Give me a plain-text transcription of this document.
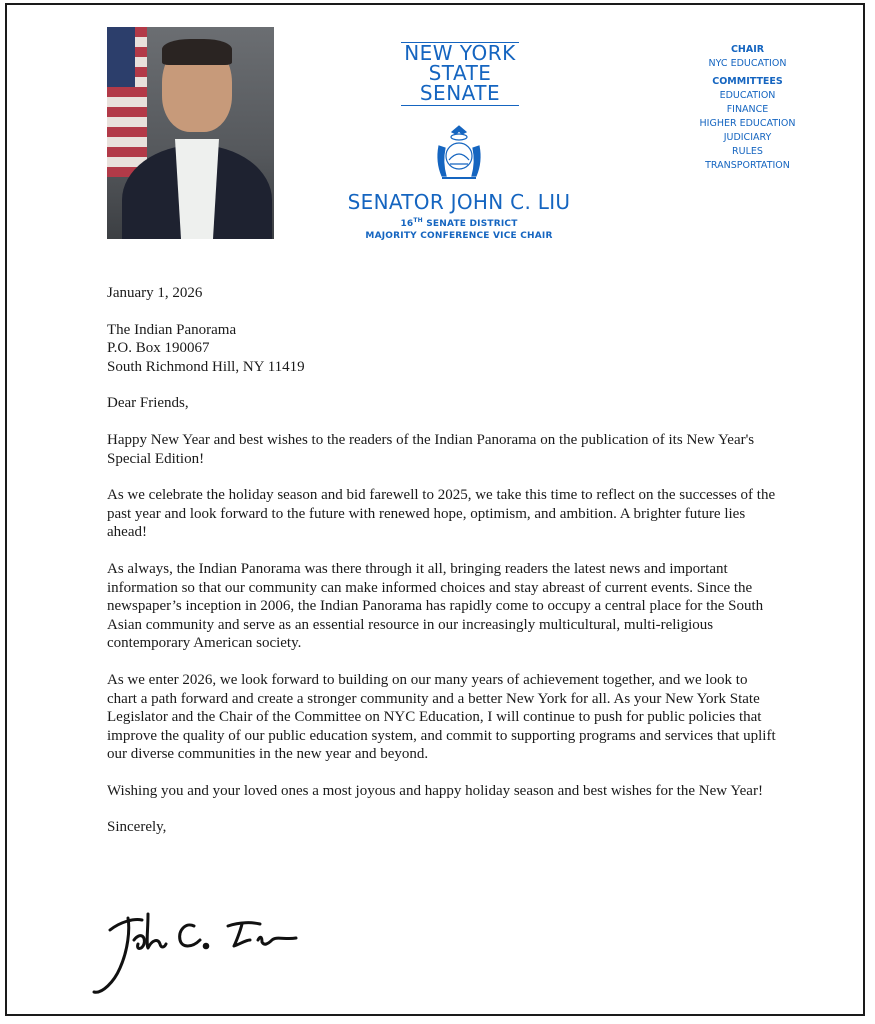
NEW YORK
STATE
SENATE
SENATOR JOHN C. LIU
16TH SENATE DISTRICT
MAJORITY CONFERENCE VICE CHAIR
CHAIR
NYC EDUCATION
COMMITTEES
EDUCATION
FINANCE
HIGHER EDUCATION
JUDICIARY
RULES
TRANSPORTATION

January 1, 2026

The Indian Panorama
P.O. Box 190067
South Richmond Hill, NY 11419

Dear Friends,

Happy New Year and best wishes to the readers of the Indian Panorama on the publication of its New Year's Special Edition!

As we celebrate the holiday season and bid farewell to 2025, we take this time to reflect on the successes of the past year and look forward to the future with renewed hope, optimism, and ambition. A brighter future lies ahead!

As always, the Indian Panorama was there through it all, bringing readers the latest news and important information so that our community can make informed choices and stay abreast of current events. Since the newspaper’s inception in 2006, the Indian Panorama has rapidly come to occupy a central place for the South Asian community and serve as an essential resource in our increasingly multicultural, multi-religious contemporary American society.

As we enter 2026, we look forward to building on our many years of achievement together, and we look to chart a path forward and create a stronger community and a better New York for all. As your New York State Legislator and the Chair of the Committee on NYC Education, I will continue to push for public policies that improve the quality of our public education system, and commit to supporting programs and services that uplift our diverse communities in the new year and beyond.

Wishing you and your loved ones a most joyous and happy holiday season and best wishes for the New Year!

Sincerely,
